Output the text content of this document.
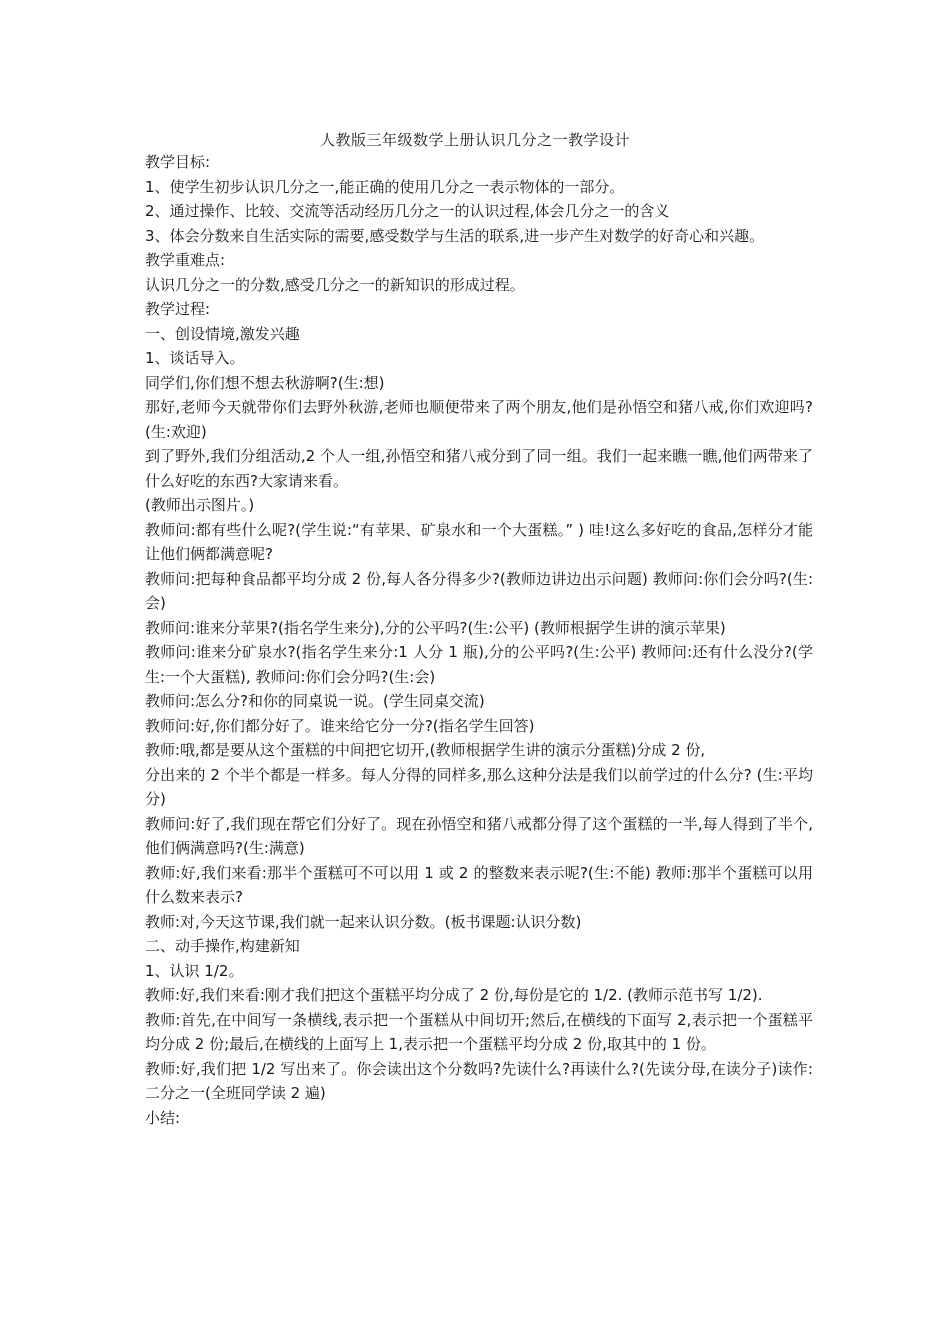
人教版三年级数学上册认识几分之一教学设计

教学目标:

1、使学生初步认识几分之一,能正确的使用几分之一表示物体的一部分。

2、通过操作、比较、交流等活动经历几分之一的认识过程,体会几分之一的含义

3、体会分数来自生活实际的需要,感受数学与生活的联系,进一步产生对数学的好奇心和兴趣。

教学重难点:

认识几分之一的分数,感受几分之一的新知识的形成过程。

教学过程:

一、创设情境,激发兴趣

1、谈话导入。

同学们,你们想不想去秋游啊?(生:想)

那好,老师今天就带你们去野外秋游,老师也顺便带来了两个朋友,他们是孙悟空和猪八戒,你们欢迎吗?(生:欢迎)

到了野外,我们分组活动,2 个人一组,孙悟空和猪八戒分到了同一组。我们一起来瞧一瞧,他们两带来了什么好吃的东西?大家请来看。

(教师出示图片。)

教师问:都有些什么呢?(学生说:“有苹果、矿泉水和一个大蛋糕。” ) 哇!这么多好吃的食品,怎样分才能让他们俩都满意呢?

教师问:把每种食品都平均分成 2 份,每人各分得多少?(教师边讲边出示问题) 教师问:你们会分吗?(生:会)

教师问:谁来分苹果?(指名学生来分),分的公平吗?(生:公平) (教师根据学生讲的演示苹果)

教师问:谁来分矿泉水?(指名学生来分:1 人分 1 瓶),分的公平吗?(生:公平) 教师问:还有什么没分?(学生:一个大蛋糕), 教师问:你们会分吗?(生:会)

教师问:怎么分?和你的同桌说一说。(学生同桌交流)

教师问:好,你们都分好了。谁来给它分一分?(指名学生回答)

教师:哦,都是要从这个蛋糕的中间把它切开,(教师根据学生讲的演示分蛋糕)分成 2 份,

分出来的 2 个半个都是一样多。每人分得的同样多,那么这种分法是我们以前学过的什么分? (生:平均分)

教师问:好了,我们现在帮它们分好了。现在孙悟空和猪八戒都分得了这个蛋糕的一半,每人得到了半个,他们俩满意吗?(生:满意)

教师:好,我们来看:那半个蛋糕可不可以用 1 或 2 的整数来表示呢?(生:不能) 教师:那半个蛋糕可以用什么数来表示?

教师:对,今天这节课,我们就一起来认识分数。(板书课题:认识分数)

二、动手操作,构建新知

1、认识 1/2。

教师:好,我们来看:刚才我们把这个蛋糕平均分成了 2 份,每份是它的 1/2. (教师示范书写 1/2).

教师:首先,在中间写一条横线,表示把一个蛋糕从中间切开;然后,在横线的下面写 2,表示把一个蛋糕平均分成 2 份;最后,在横线的上面写上 1,表示把一个蛋糕平均分成 2 份,取其中的 1 份。

教师:好,我们把 1/2 写出来了。你会读出这个分数吗?先读什么?再读什么?(先读分母,在读分子)读作:二分之一(全班同学读 2 遍)

小结:
